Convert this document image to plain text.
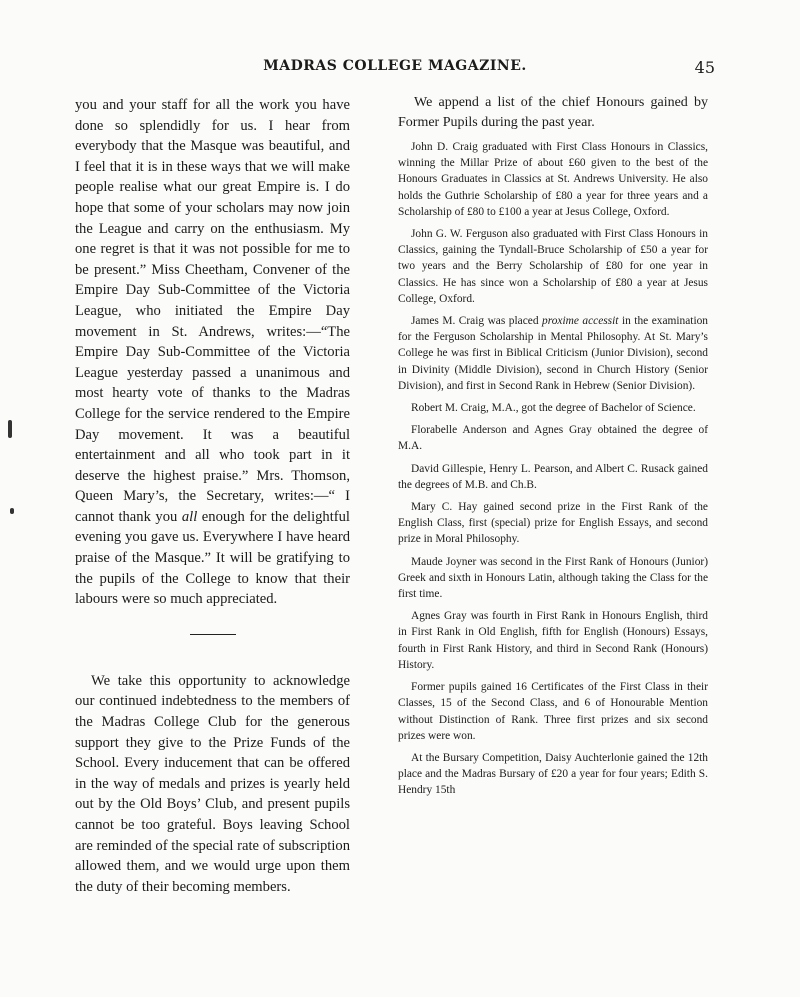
MADRAS COLLEGE MAGAZINE.	45

you and your staff for all the work you have done so splendidly for us. I hear from everybody that the Masque was beautiful, and I feel that it is in these ways that we will make people realise what our great Empire is. I do hope that some of your scholars may now join the League and carry on the enthusiasm. My one regret is that it was not possible for me to be present.” Miss Cheetham, Convener of the Empire Day Sub-Committee of the Victoria League, who initiated the Empire Day movement in St. Andrews, writes:—“The Empire Day Sub-Committee of the Victoria League yesterday passed a unanimous and most hearty vote of thanks to the Madras College for the service rendered to the Empire Day movement. It was a beautiful entertainment and all who took part in it deserve the highest praise.” Mrs. Thomson, Queen Mary’s, the Secretary, writes:—“ I cannot thank you all enough for the delightful evening you gave us. Everywhere I have heard praise of the Masque.” It will be gratifying to the pupils of the College to know that their labours were so much appreciated.

We take this opportunity to acknowledge our continued indebtedness to the members of the Madras College Club for the generous support they give to the Prize Funds of the School. Every inducement that can be offered in the way of medals and prizes is yearly held out by the Old Boys’ Club, and present pupils cannot be too grateful. Boys leaving School are reminded of the special rate of subscription allowed them, and we would urge upon them the duty of their becoming members.

We append a list of the chief Honours gained by Former Pupils during the past year.

John D. Craig graduated with First Class Honours in Classics, winning the Millar Prize of about £60 given to the best of the Honours Graduates in Classics at St. Andrews University. He also holds the Guthrie Scholarship of £80 a year for three years and a Scholarship of £80 to £100 a year at Jesus College, Oxford.

John G. W. Ferguson also graduated with First Class Honours in Classics, gaining the Tyndall-Bruce Scholarship of £50 a year for two years and the Berry Scholarship of £80 for one year in Classics. He has since won a Scholarship of £80 a year at Jesus College, Oxford.

James M. Craig was placed proxime accessit in the examination for the Ferguson Scholarship in Mental Philosophy. At St. Mary’s College he was first in Biblical Criticism (Junior Division), second in Divinity (Middle Division), second in Church History (Senior Division), and first in Second Rank in Hebrew (Senior Division).

Robert M. Craig, M.A., got the degree of Bachelor of Science.

Florabelle Anderson and Agnes Gray obtained the degree of M.A.

David Gillespie, Henry L. Pearson, and Albert C. Rusack gained the degrees of M.B. and Ch.B.

Mary C. Hay gained second prize in the First Rank of the English Class, first (special) prize for English Essays, and second prize in Moral Philosophy.

Maude Joyner was second in the First Rank of Honours (Junior) Greek and sixth in Honours Latin, although taking the Class for the first time.

Agnes Gray was fourth in First Rank in Honours English, third in First Rank in Old English, fifth for English (Honours) Essays, fourth in First Rank History, and third in Second Rank (Honours) History.

Former pupils gained 16 Certificates of the First Class in their Classes, 15 of the Second Class, and 6 of Honourable Mention without Distinction of Rank. Three first prizes and six second prizes were won.

At the Bursary Competition, Daisy Auchterlonie gained the 12th place and the Madras Bursary of £20 a year for four years; Edith S. Hendry 15th
